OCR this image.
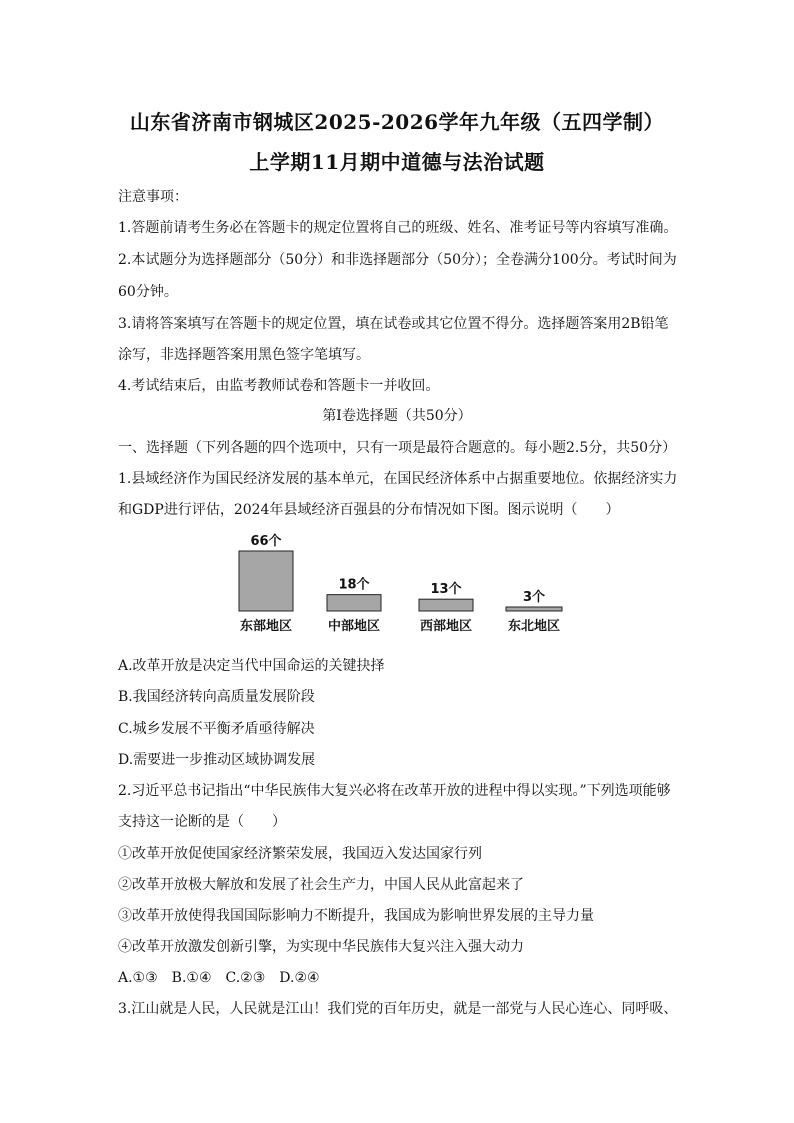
山东省济南市钢城区2025-2026学年九年级（五四学制）
上学期11月期中道德与法治试题
注意事项：
1.答题前请考生务必在答题卡的规定位置将自己的班级、姓名、准考证号等内容填写准确。
2.本试题分为选择题部分（50分）和非选择题部分（50分）；全卷满分100分。考试时间为
60分钟。
3.请将答案填写在答题卡的规定位置，填在试卷或其它位置不得分。选择题答案用2B铅笔
涂写，非选择题答案用黑色签字笔填写。
4.考试结束后，由监考教师试卷和答题卡一并收回。
第Ⅰ卷选择题（共50分）
一、选择题（下列各题的四个选项中，只有一项是最符合题意的。每小题2.5分，共50分）
1.县域经济作为国民经济发展的基本单元，在国民经济体系中占据重要地位。依据经济实力
和GDP进行评估，2024年县域经济百强县的分布情况如下图。图示说明（　　）
66个
东部地区
18个
中部地区
13个
西部地区
3个
东北地区
A.改革开放是决定当代中国命运的关键抉择
B.我国经济转向高质量发展阶段
C.城乡发展不平衡矛盾亟待解决
D.需要进一步推动区域协调发展
2.习近平总书记指出“中华民族伟大复兴必将在改革开放的进程中得以实现。”下列选项能够
支持这一论断的是（　　）
①改革开放促使国家经济繁荣发展，我国迈入发达国家行列
②改革开放极大解放和发展了社会生产力，中国人民从此富起来了
③改革开放使得我国国际影响力不断提升，我国成为影响世界发展的主导力量
④改革开放激发创新引擎，为实现中华民族伟大复兴注入强大动力
A.①③　B.①④　C.②③　D.②④
3.江山就是人民，人民就是江山！我们党的百年历史，就是一部党与人民心连心、同呼吸、
